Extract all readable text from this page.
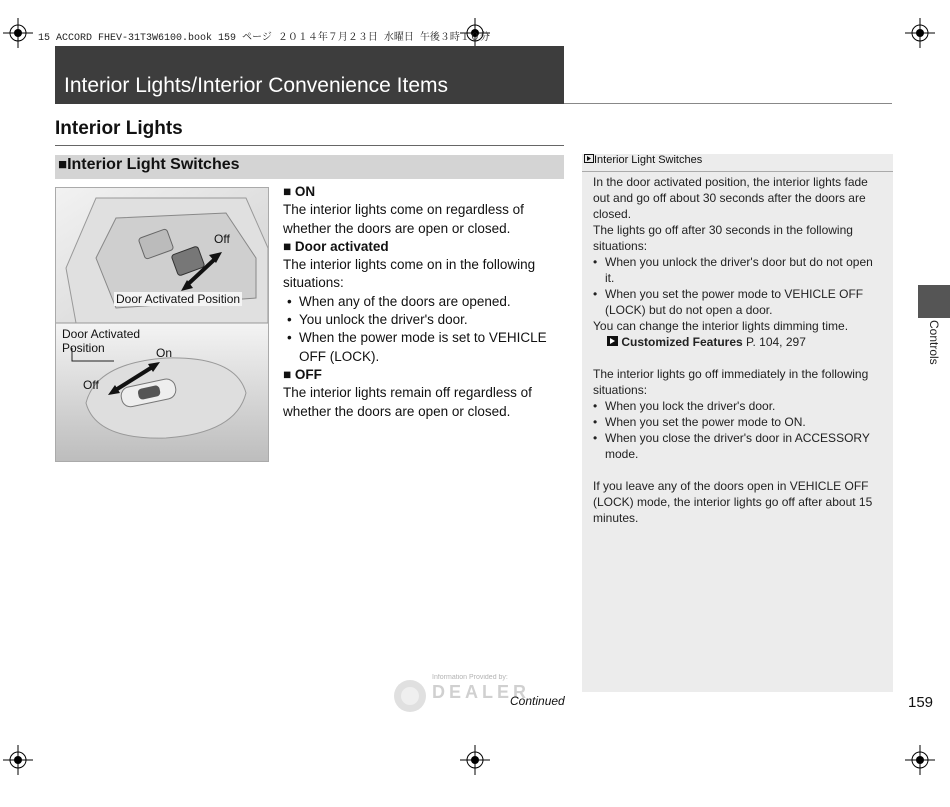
15 ACCORD FHEV-31T3W6100.book 159 ページ ２０１４年７月２３日 水曜日 午後３時１０分
Interior Lights/Interior Convenience Items
Interior Lights
■Interior Light Switches
Off
Door Activated Position
Door Activated
Position	On
Off

■ ON

The interior lights come on regardless of whether the doors are open or closed.

■ Door activated

The interior lights come on in the following situations:

• When any of the doors are opened.
• You unlock the driver's door.
• When the power mode is set to VEHICLE OFF (LOCK).

■ OFF

The interior lights remain off regardless of whether the doors are open or closed.

Interior Light Switches

In the door activated position, the interior lights fade out and go off about 30 seconds after the doors are closed.

The lights go off after 30 seconds in the following situations:

• When you unlock the driver's door but do not open it.
• When you set the power mode to VEHICLE OFF (LOCK) but do not open a door.

You can change the interior lights dimming time.

Customized Features P. 104, 297

The interior lights go off immediately in the following situations:

• When you lock the driver's door.
• When you set the power mode to ON.
• When you close the driver's door in ACCESSORY mode.

If you leave any of the doors open in VEHICLE OFF (LOCK) mode, the interior lights go off after about 15 minutes.

Controls
Information Provided by:
DEALER
Continued	159
